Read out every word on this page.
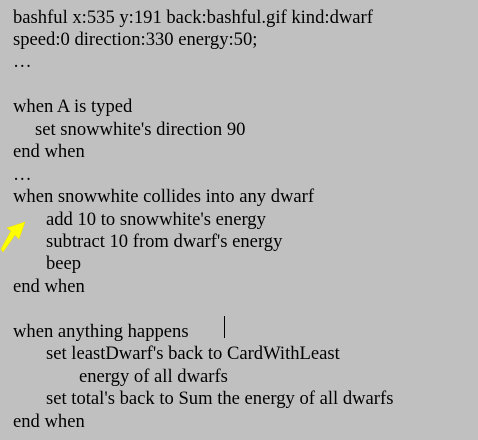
bashful x:535 y:191 back:bashful.gif kind:dwarf
speed:0 direction:330 energy:50;
…
when A is typed
set snowwhite's direction 90
end when
…
when snowwhite collides into any dwarf
add 10 to snowwhite's energy
subtract 10 from dwarf's energy
beep
end when
when anything happens
set leastDwarf's back to CardWithLeast
energy of all dwarfs
set total's back to Sum the energy of all dwarfs
end when
